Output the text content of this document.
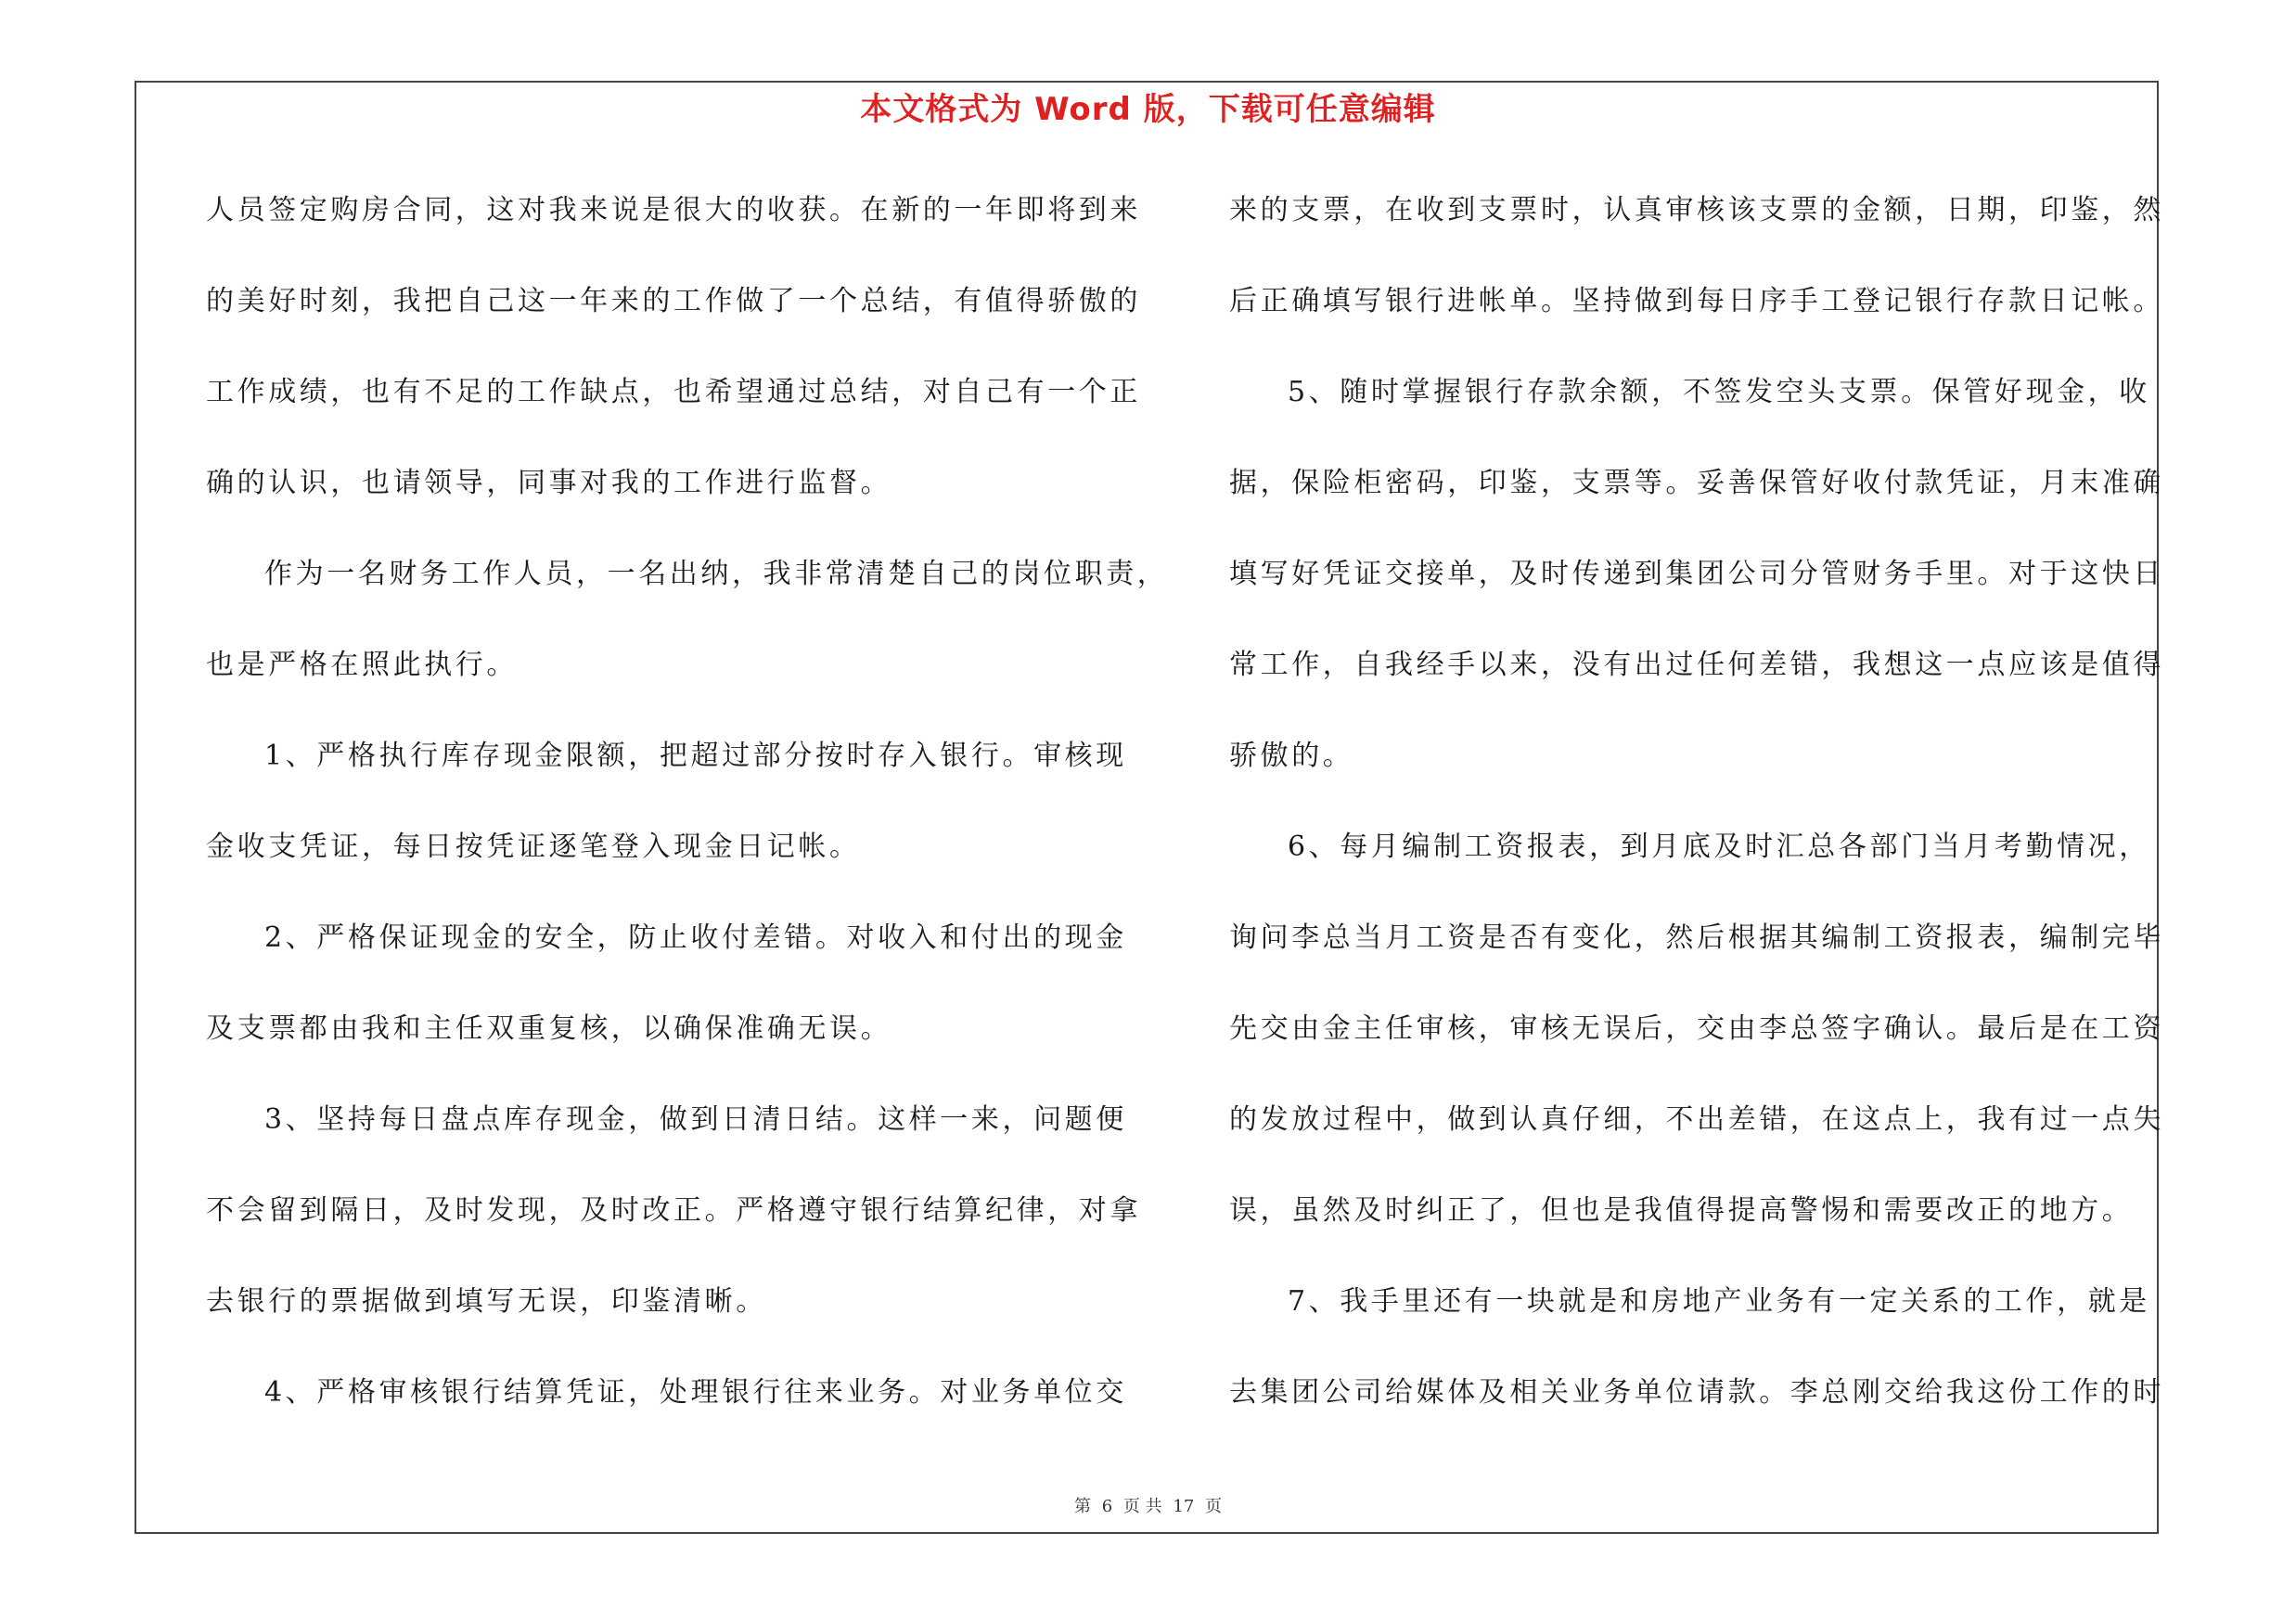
本文格式为 Word 版，下载可任意编辑
人员签定购房合同，这对我来说是很大的收获。在新的一年即将到来
的美好时刻，我把自己这一年来的工作做了一个总结，有值得骄傲的
工作成绩，也有不足的工作缺点，也希望通过总结，对自己有一个正
确的认识，也请领导，同事对我的工作进行监督。
作为一名财务工作人员，一名出纳，我非常清楚自己的岗位职责，
也是严格在照此执行。
1、严格执行库存现金限额，把超过部分按时存入银行。审核现
金收支凭证，每日按凭证逐笔登入现金日记帐。
2、严格保证现金的安全，防止收付差错。对收入和付出的现金
及支票都由我和主任双重复核，以确保准确无误。
3、坚持每日盘点库存现金，做到日清日结。这样一来，问题便
不会留到隔日，及时发现，及时改正。严格遵守银行结算纪律，对拿
去银行的票据做到填写无误，印鉴清晰。
4、严格审核银行结算凭证，处理银行往来业务。对业务单位交
来的支票，在收到支票时，认真审核该支票的金额，日期，印鉴，然
后正确填写银行进帐单。坚持做到每日序手工登记银行存款日记帐。
5、随时掌握银行存款余额，不签发空头支票。保管好现金，收
据，保险柜密码，印鉴，支票等。妥善保管好收付款凭证，月末准确
填写好凭证交接单，及时传递到集团公司分管财务手里。对于这快日
常工作，自我经手以来，没有出过任何差错，我想这一点应该是值得
骄傲的。
6、每月编制工资报表，到月底及时汇总各部门当月考勤情况，
询问李总当月工资是否有变化，然后根据其编制工资报表，编制完毕
先交由金主任审核，审核无误后，交由李总签字确认。最后是在工资
的发放过程中，做到认真仔细，不出差错，在这点上，我有过一点失
误，虽然及时纠正了，但也是我值得提高警惕和需要改正的地方。
7、我手里还有一块就是和房地产业务有一定关系的工作，就是
去集团公司给媒体及相关业务单位请款。李总刚交给我这份工作的时
第 6 页 共 17 页
